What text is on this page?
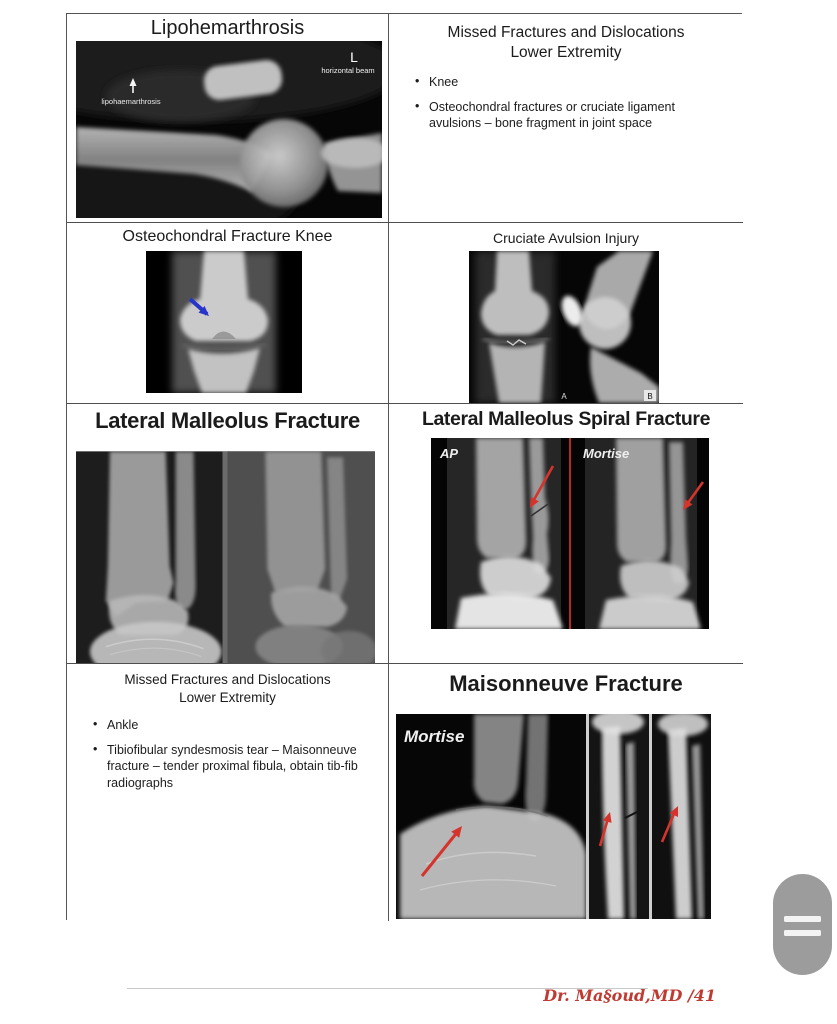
Lipohemarthrosis
lipohaemarthrosis
L
horizontal beam
Missed Fractures and Dislocations
Lower Extremity
• Knee
• Osteochondral fractures or cruciate ligament avulsions – bone fragment in joint space
Osteochondral Fracture Knee	Cruciate Avulsion Injury
A	B
Lateral Malleolus Fracture	Lateral Malleolus Spiral Fracture
AP	Mortise
Missed Fractures and Dislocations
Lower Extremity
• Ankle
• Tibiofibular syndesmosis tear – Maisonneuve fracture – tender proximal fibula, obtain tib-fib radiographs
Maisonneuve Fracture
Mortise
Dr. Ma§oud,MD /41
